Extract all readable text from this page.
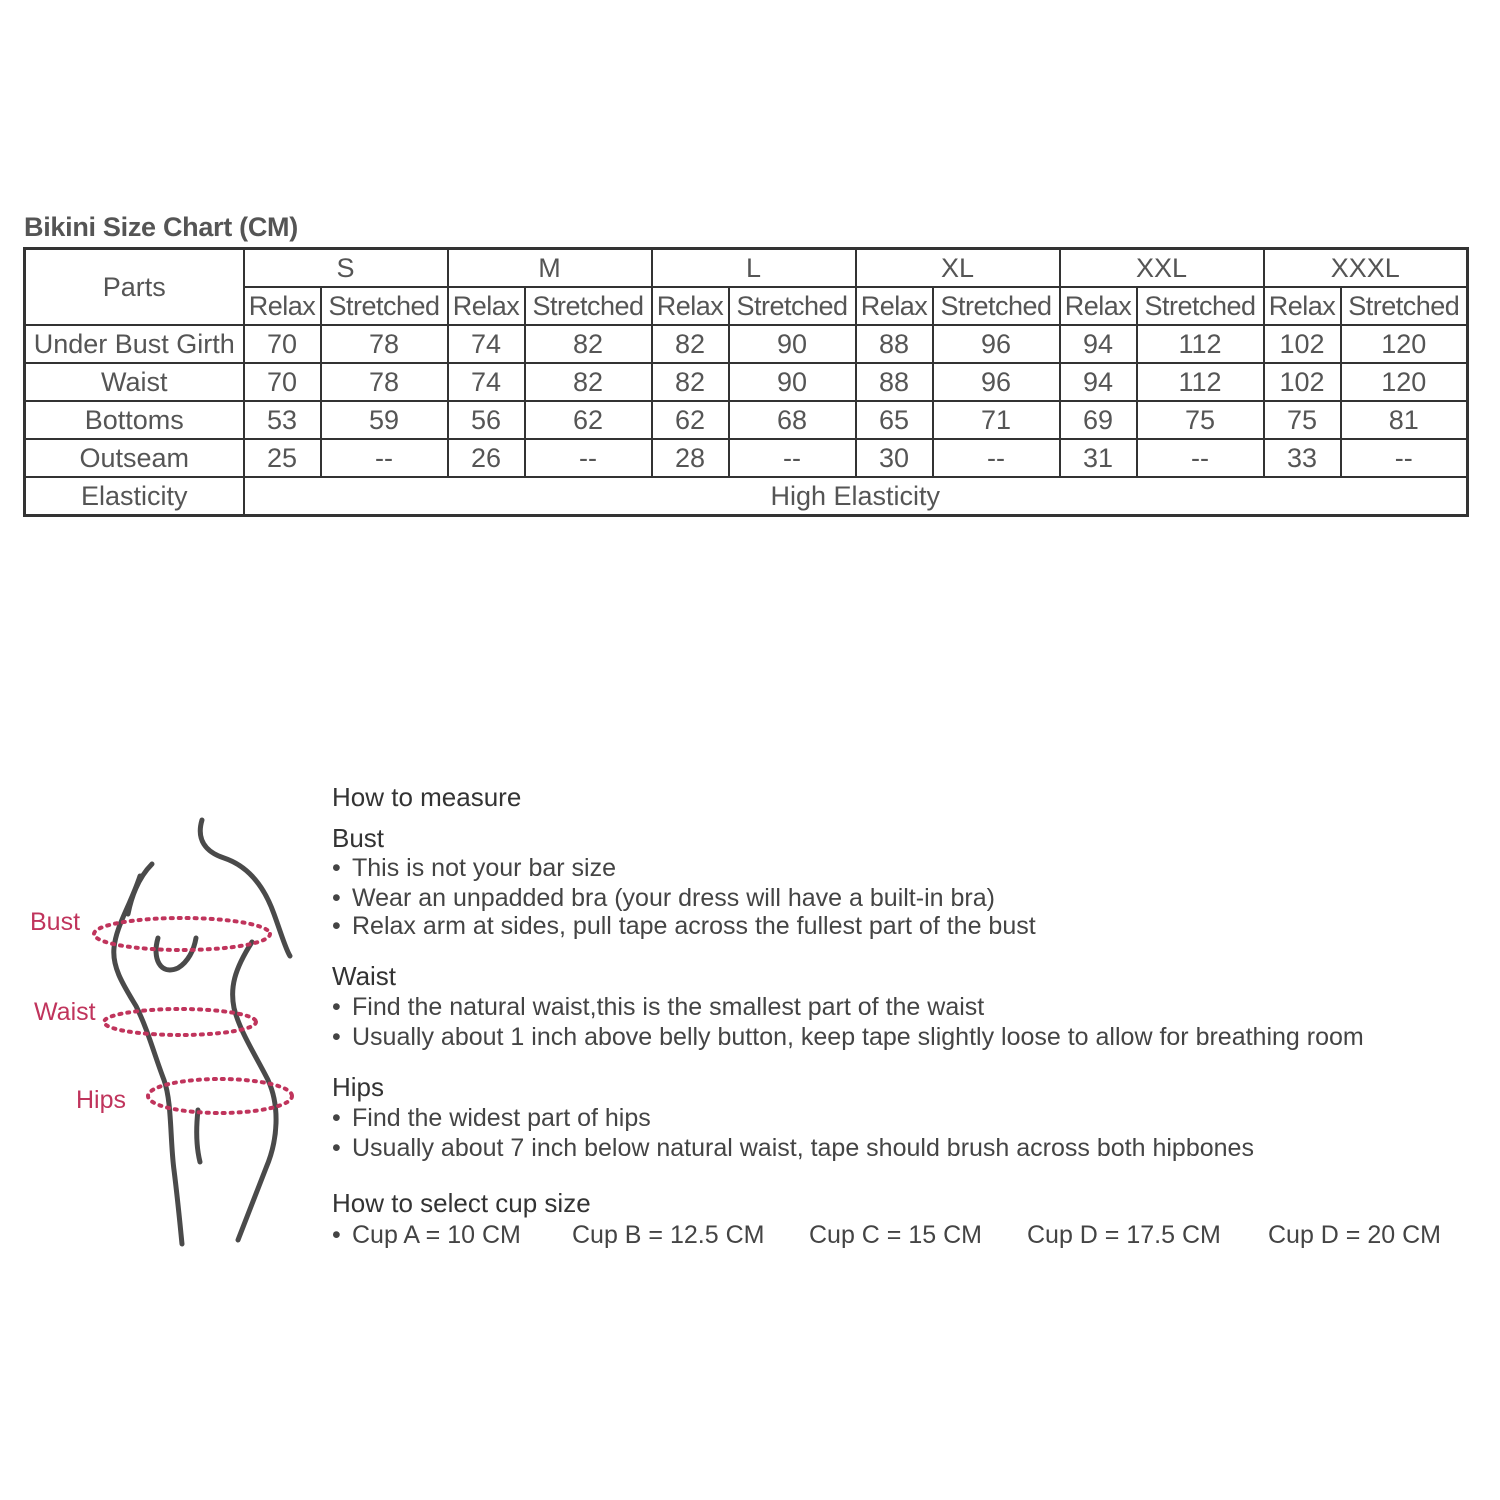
Bikini Size Chart (CM)
Parts	S		M		L		XL		XXL		XXXL	
	Relax	Stretched	Relax	Stretched	Relax	Stretched	Relax	Stretched	Relax	Stretched	Relax	Stretched
Under Bust Girth	70	78	74	82	82	90	88	96	94	112	102	120
Waist	70	78	74	82	82	90	88	96	94	112	102	120
Bottoms	53	59	56	62	62	68	65	71	69	75	75	81
Outseam	25	--	26	--	28	--	30	--	31	--	33	--
Elasticity	High Elasticity											
Bust
Waist
Hips
How to measure
Bust
• This is not your bar size
• Wear an unpadded bra (your dress will have a built-in bra)
• Relax arm at sides, pull tape across the fullest part of the bust
Waist
• Find the natural waist,this is the smallest part of the waist
• Usually about 1 inch above belly button, keep tape slightly loose to allow for breathing room
Hips
• Find the widest part of hips
• Usually about 7 inch below natural waist, tape should brush across both hipbones
How to select cup size
• Cup A = 10 CM Cup B = 12.5 CM Cup C = 15 CM Cup D = 17.5 CM Cup D = 20 CM
